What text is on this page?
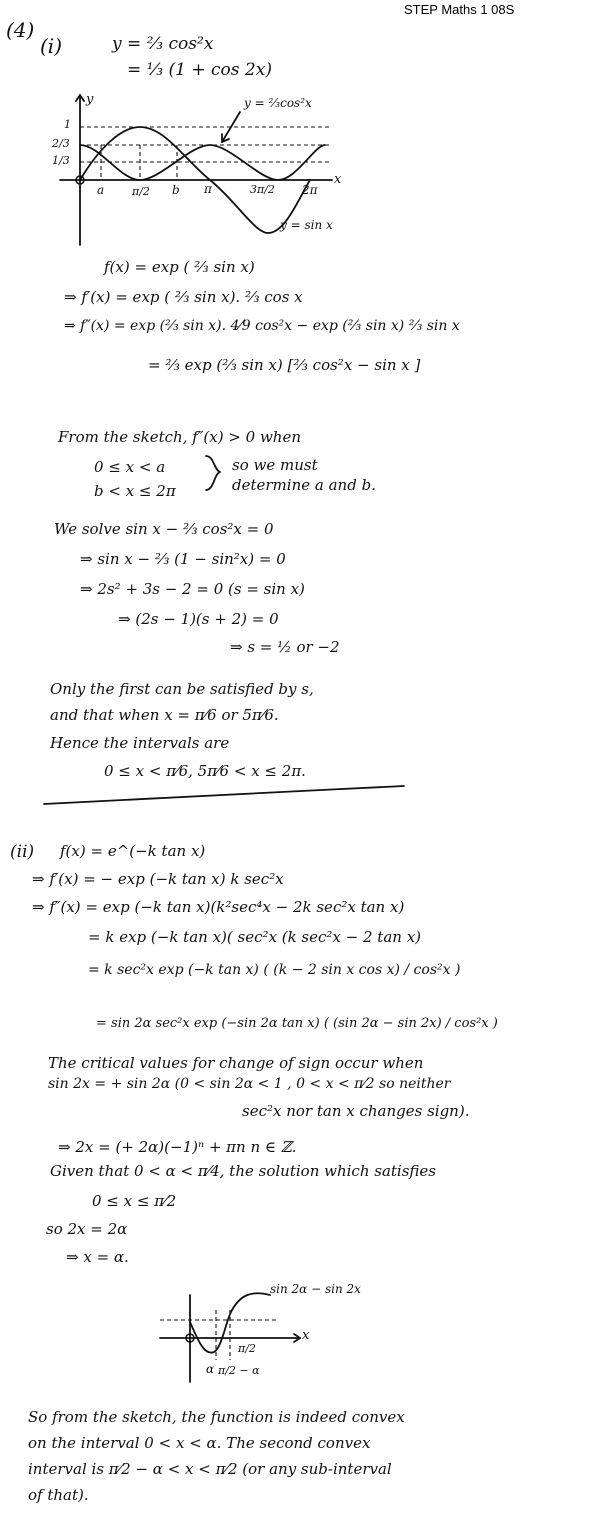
STEP Maths 1 08S
(4)
(i)	y = ⅔ cos²x
= ⅓ (1 + cos 2x)
y
x
1
2/3
1/3
a	π/2 b π	3π/2 2π
y = ⅔cos²x
y = sin x
f(x) = exp ( ⅔ sin x)
⇒ f′(x) = exp ( ⅔ sin x). ⅔ cos x
⇒ f″(x) = exp (⅔ sin x). 4⁄9 cos²x − exp (⅔ sin x) ⅔ sin x
= ⅔ exp (⅔ sin x) [⅔ cos²x − sin x ]
From the sketch, f″(x) > 0 when
0 ≤ x < a
b < x ≤ 2π
so we must
determine a and b.
We solve sin x − ⅔ cos²x = 0
⇒ sin x − ⅔ (1 − sin²x) = 0
⇒ 2s² + 3s − 2 = 0 (s = sin x)
⇒ (2s − 1)(s + 2) = 0
⇒ s = ½ or −2
Only the first can be satisfied by s,
and that when x = π⁄6 or 5π⁄6.
Hence the intervals are
0 ≤ x < π⁄6, 5π⁄6 < x ≤ 2π.
(ii) f(x) = e^(−k tan x)
⇒ f′(x) = − exp (−k tan x) k sec²x
⇒ f″(x) = exp (−k tan x)(k²sec⁴x − 2k sec²x tan x)
= k exp (−k tan x)( sec²x (k sec²x − 2 tan x)
= k sec²x exp (−k tan x) ( (k − 2 sin x cos x) / cos²x )
= sin 2α sec²x exp (−sin 2α tan x) ( (sin 2α − sin 2x) / cos²x )
The critical values for change of sign occur when
sin 2x = + sin 2α (0 < sin 2α < 1 , 0 < x < π⁄2 so neither
sec²x nor tan x changes sign).
⇒ 2x = (+ 2α)(−1)ⁿ + πn n ∈ ℤ.
Given that 0 < α < π⁄4, the solution which satisfies
0 ≤ x ≤ π⁄2
so 2x = 2α
⇒ x = α.
sin 2α − sin 2x
x
α π/2 − α
π/2
So from the sketch, the function is indeed convex
on the interval 0 < x < α. The second convex
interval is π⁄2 − α < x < π⁄2 (or any sub-interval
of that).
